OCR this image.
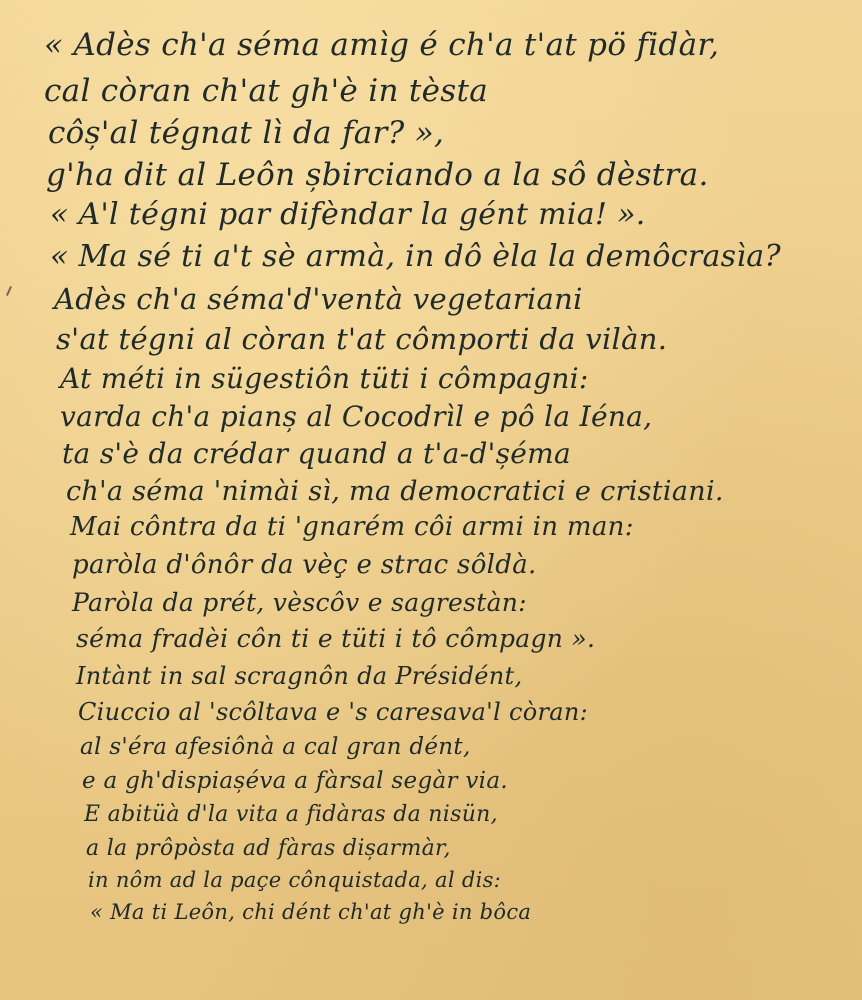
« Adès ch'a séma amìg é ch'a t'at pö fidàr,
cal còran ch'at gh'è in tèsta
côș'al tégnat lì da far? »,
g'ha dit al Leôn șbirciando a la sô dèstra.
« A'l tégni par difèndar la gént mia! ».
« Ma sé ti a't sè armà, in dô èla la demôcrasìa?
Adès ch'a séma'd'ventà vegetariani
s'at tégni al còran t'at cômporti da vilàn.
At méti in sügestiôn tüti i cômpagni:
varda ch'a pianș al Cocodrìl e pô la Iéna,
ta s'è da crédar quand a t'a-d'șéma
ch'a séma 'nimài sì, ma democratici e cristiani.
Mai côntra da ti 'gnarém côi armi in man:
paròla d'ônôr da vèç e strac sôldà.
Paròla da prét, vèscôv e sagrestàn:
séma fradèi côn ti e tüti i tô cômpagn ».
Intànt in sal scragnôn da Présidént,
Ciuccio al 'scôltava e 's caresava'l còran:
al s'éra afesiônà a cal gran dént,
e a gh'dispiașéva a fàrsal segàr via.
E abitüà d'la vita a fidàras da nisün,
a la prôpòsta ad fàras dișarmàr,
in nôm ad la paçe cônquistada, al dis:
« Ma ti Leôn, chi dént ch'at gh'è in bôca
